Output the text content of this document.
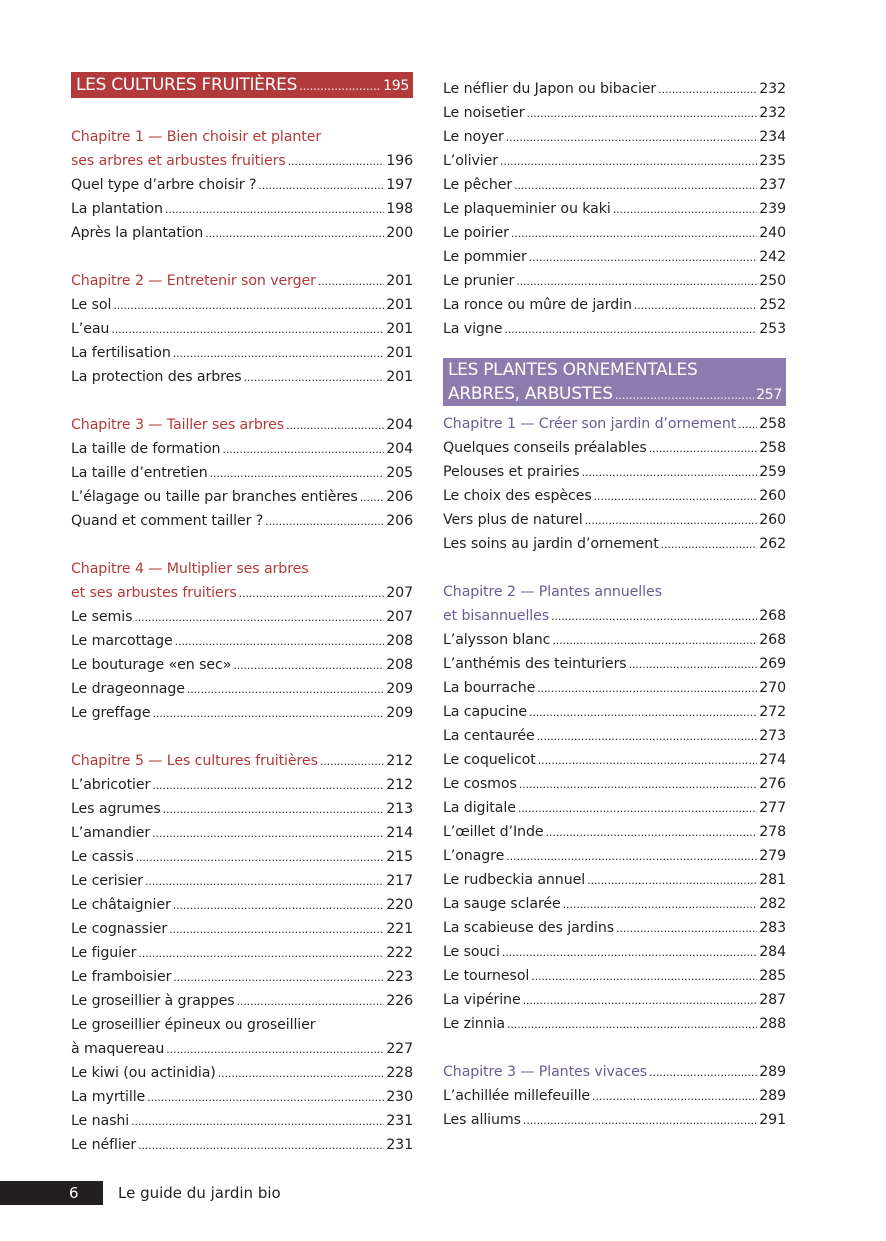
LES CULTURES FRUITIÈRES .....	195
Chapitre 1 — Bien choisir et planter
ses arbres et arbustes fruitiers .....	196
Quel type d’arbre choisir ? .....	197
La plantation .....	198
Après la plantation .....	200
Chapitre 2 — Entretenir son verger .....	201
Le sol .....	201
L’eau .....	201
La fertilisation .....	201
La protection des arbres .....	201
Chapitre 3 — Tailler ses arbres .....	204
La taille de formation .....	204
La taille d’entretien .....	205
L’élagage ou taille par branches entières ..... 206
Quand et comment tailler ? .....	206
Chapitre 4 — Multiplier ses arbres
et ses arbustes fruitiers .....	207
Le semis .....	207
Le marcottage .....	208
Le bouturage «en sec» .....	208
Le drageonnage .....	209
Le greffage .....	209
Chapitre 5 — Les cultures fruitières .....	212
L’abricotier .....	212
Les agrumes .....	213
L’amandier .....	214
Le cassis .....	215
Le cerisier .....	217
Le châtaignier .....	220
Le cognassier .....	221
Le figuier .....	222
Le framboisier .....	223
Le groseillier à grappes .....	226
Le groseillier épineux ou groseillier
à maquereau .....	227
Le kiwi (ou actinidia) .....	228
La myrtille .....	230
Le nashi .....	231
Le néflier .....	231
Le néflier du Japon ou bibacier .....	232
Le noisetier .....	232
Le noyer .....	234
L’olivier .....	235
Le pêcher .....	237
Le plaqueminier ou kaki .....	239
Le poirier .....	240
Le pommier .....	242
Le prunier .....	250
La ronce ou mûre de jardin .....	252
La vigne .....	253
LES PLANTES ORNEMENTALES
ARBRES, ARBUSTES .....	257
Chapitre 1 — Créer son jardin d’ornement ..... 258
Quelques conseils préalables .....	258
Pelouses et prairies .....	259
Le choix des espèces .....	260
Vers plus de naturel .....	260
Les soins au jardin d’ornement .....	262
Chapitre 2 — Plantes annuelles
et bisannuelles .....	268
L’alysson blanc .....	268
L’anthémis des teinturiers .....	269
La bourrache .....	270
La capucine .....	272
La centaurée .....	273
Le coquelicot .....	274
Le cosmos .....	276
La digitale .....	277
L’œillet d’Inde .....	278
L’onagre .....	279
Le rudbeckia annuel .....	281
La sauge sclarée .....	282
La scabieuse des jardins .....	283
Le souci .....	284
Le tournesol .....	285
La vipérine .....	287
Le zinnia .....	288
Chapitre 3 — Plantes vivaces .....	289
L’achillée millefeuille .....	289
Les alliums .....	291
6	Le guide du jardin bio
